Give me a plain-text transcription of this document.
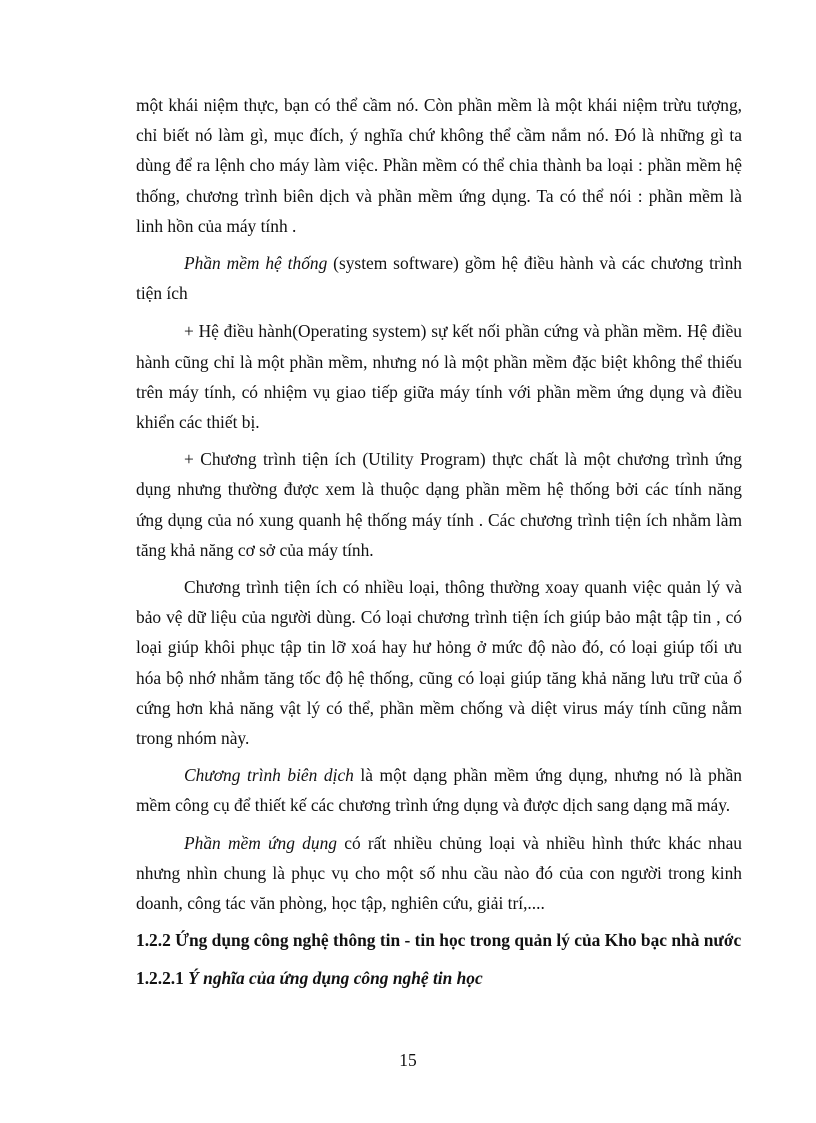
một khái niệm thực, bạn có thể cầm nó. Còn phần mềm là một khái niệm trừu tượng, chỉ biết nó làm gì, mục đích, ý nghĩa chứ không thể cầm nắm nó. Đó là những gì ta dùng để ra lệnh cho máy làm việc. Phần mềm có thể chia thành ba loại : phần mềm hệ thống, chương trình biên dịch và phần mềm ứng dụng. Ta có thể nói : phần mềm là linh hồn của máy tính .

Phần mềm hệ thống (system software) gồm hệ điều hành và các chương trình tiện ích

+ Hệ điều hành(Operating system) sự kết nối phần cứng và phần mềm. Hệ điều hành cũng chỉ là một phần mềm, nhưng nó là một phần mềm đặc biệt không thể thiếu trên máy tính, có nhiệm vụ giao tiếp giữa máy tính với phần mềm ứng dụng và điều khiển các thiết bị.

+ Chương trình tiện ích (Utility Program) thực chất là một chương trình ứng dụng nhưng thường được xem là thuộc dạng phần mềm hệ thống bởi các tính năng ứng dụng của nó xung quanh hệ thống máy tính . Các chương trình tiện ích nhằm làm tăng khả năng cơ sở của máy tính.

Chương trình tiện ích có nhiều loại, thông thường xoay quanh việc quản lý và bảo vệ dữ liệu của người dùng. Có loại chương trình tiện ích giúp bảo mật tập tin , có loại giúp khôi phục tập tin lỡ xoá hay hư hỏng ở mức độ nào đó, có loại giúp tối ưu hóa bộ nhớ nhằm tăng tốc độ hệ thống, cũng có loại giúp tăng khả năng lưu trữ của ổ cứng hơn khả năng vật lý có thể, phần mềm chống và diệt virus máy tính cũng nằm trong nhóm này.

Chương trình biên dịch là một dạng phần mềm ứng dụng, nhưng nó là phần mềm công cụ để thiết kế các chương trình ứng dụng và được dịch sang dạng mã máy.

Phần mềm ứng dụng có rất nhiều chủng loại và nhiều hình thức khác nhau nhưng nhìn chung là phục vụ cho một số nhu cầu nào đó của con người trong kinh doanh, công tác văn phòng, học tập, nghiên cứu, giải trí,....

1.2.2 Ứng dụng công nghệ thông tin - tin học trong quản lý của Kho bạc nhà nước
1.2.2.1 Ý nghĩa của ứng dụng công nghệ tin học
15
